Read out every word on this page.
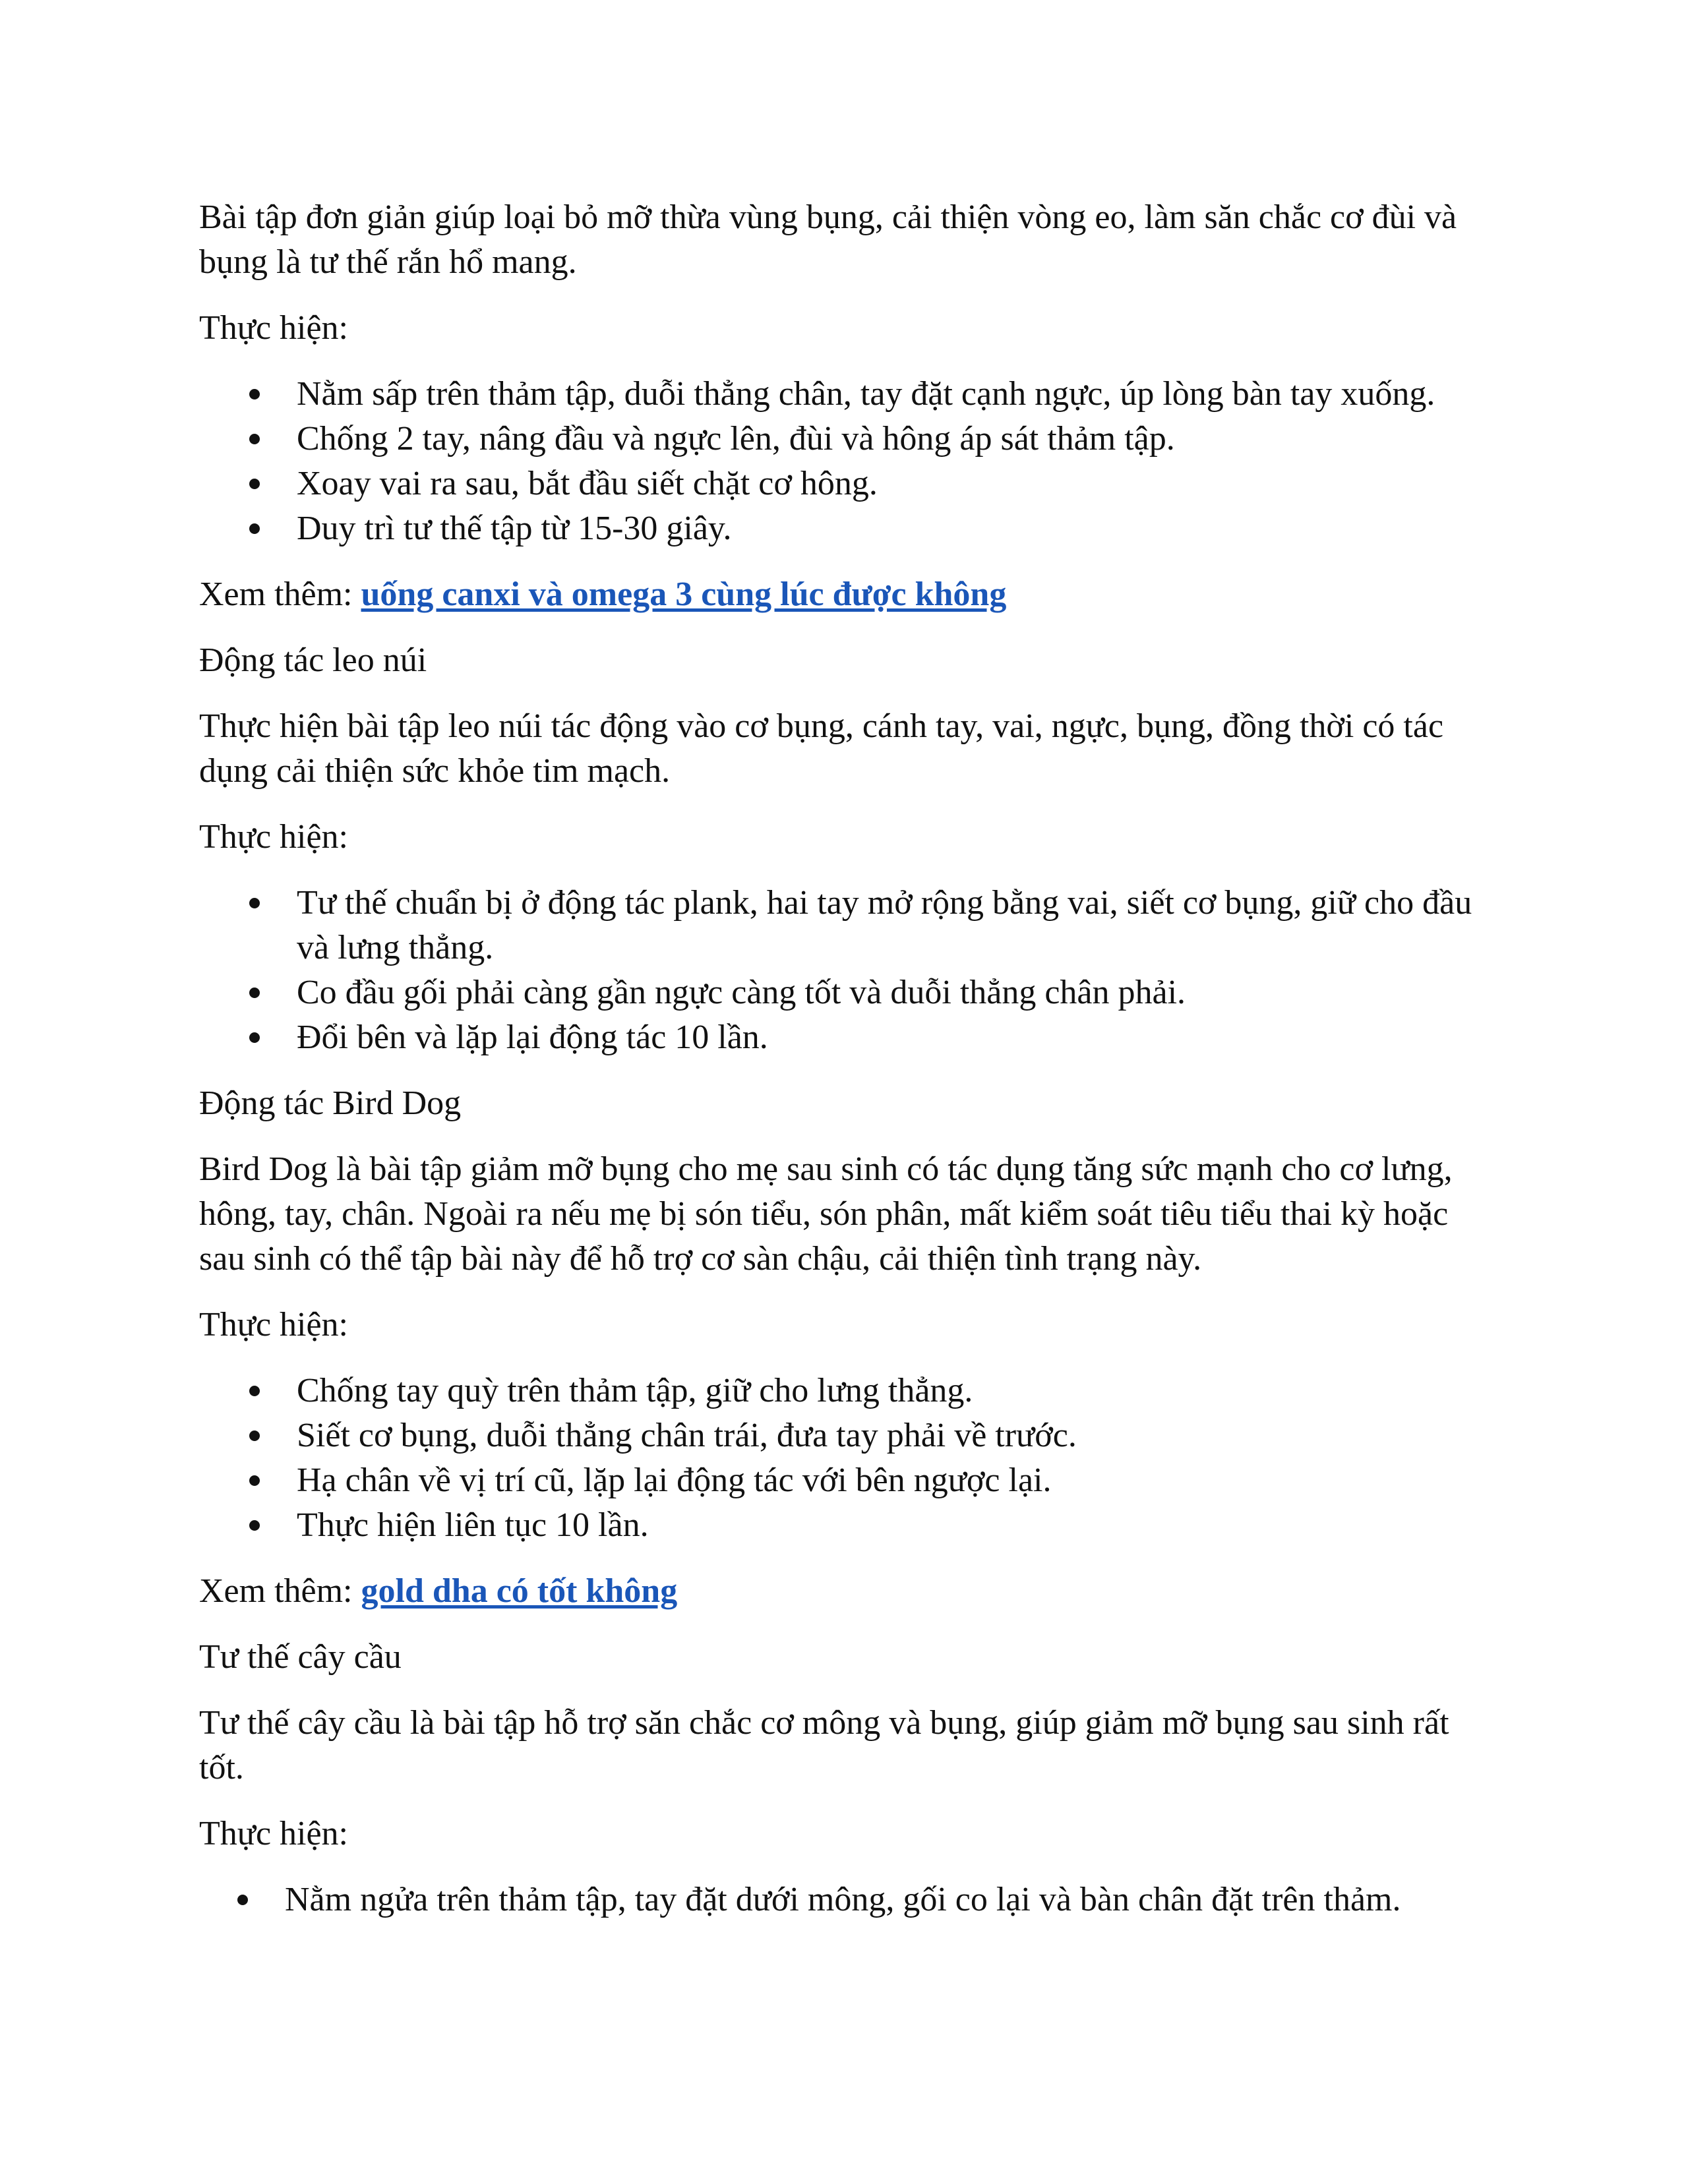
Bài tập đơn giản giúp loại bỏ mỡ thừa vùng bụng, cải thiện vòng eo, làm săn chắc cơ đùi và bụng là tư thế rắn hổ mang.

Thực hiện:

Nằm sấp trên thảm tập, duỗi thẳng chân, tay đặt cạnh ngực, úp lòng bàn tay xuống.
Chống 2 tay, nâng đầu và ngực lên, đùi và hông áp sát thảm tập.
Xoay vai ra sau, bắt đầu siết chặt cơ hông.
Duy trì tư thế tập từ 15-30 giây.

Xem thêm: uống canxi và omega 3 cùng lúc được không

Động tác leo núi

Thực hiện bài tập leo núi tác động vào cơ bụng, cánh tay, vai, ngực, bụng, đồng thời có tác dụng cải thiện sức khỏe tim mạch.

Thực hiện:

Tư thế chuẩn bị ở động tác plank, hai tay mở rộng bằng vai, siết cơ bụng, giữ cho đầu và lưng thẳng.
Co đầu gối phải càng gần ngực càng tốt và duỗi thẳng chân phải.
Đổi bên và lặp lại động tác 10 lần.

Động tác Bird Dog

Bird Dog là bài tập giảm mỡ bụng cho mẹ sau sinh có tác dụng tăng sức mạnh cho cơ lưng, hông, tay, chân. Ngoài ra nếu mẹ bị són tiểu, són phân, mất kiểm soát tiêu tiểu thai kỳ hoặc sau sinh có thể tập bài này để hỗ trợ cơ sàn chậu, cải thiện tình trạng này.

Thực hiện:

Chống tay quỳ trên thảm tập, giữ cho lưng thẳng.
Siết cơ bụng, duỗi thẳng chân trái, đưa tay phải về trước.
Hạ chân về vị trí cũ, lặp lại động tác với bên ngược lại.
Thực hiện liên tục 10 lần.

Xem thêm: gold dha có tốt không

Tư thế cây cầu

Tư thế cây cầu là bài tập hỗ trợ săn chắc cơ mông và bụng, giúp giảm mỡ bụng sau sinh rất tốt.

Thực hiện:

Nằm ngửa trên thảm tập, tay đặt dưới mông, gối co lại và bàn chân đặt trên thảm.
